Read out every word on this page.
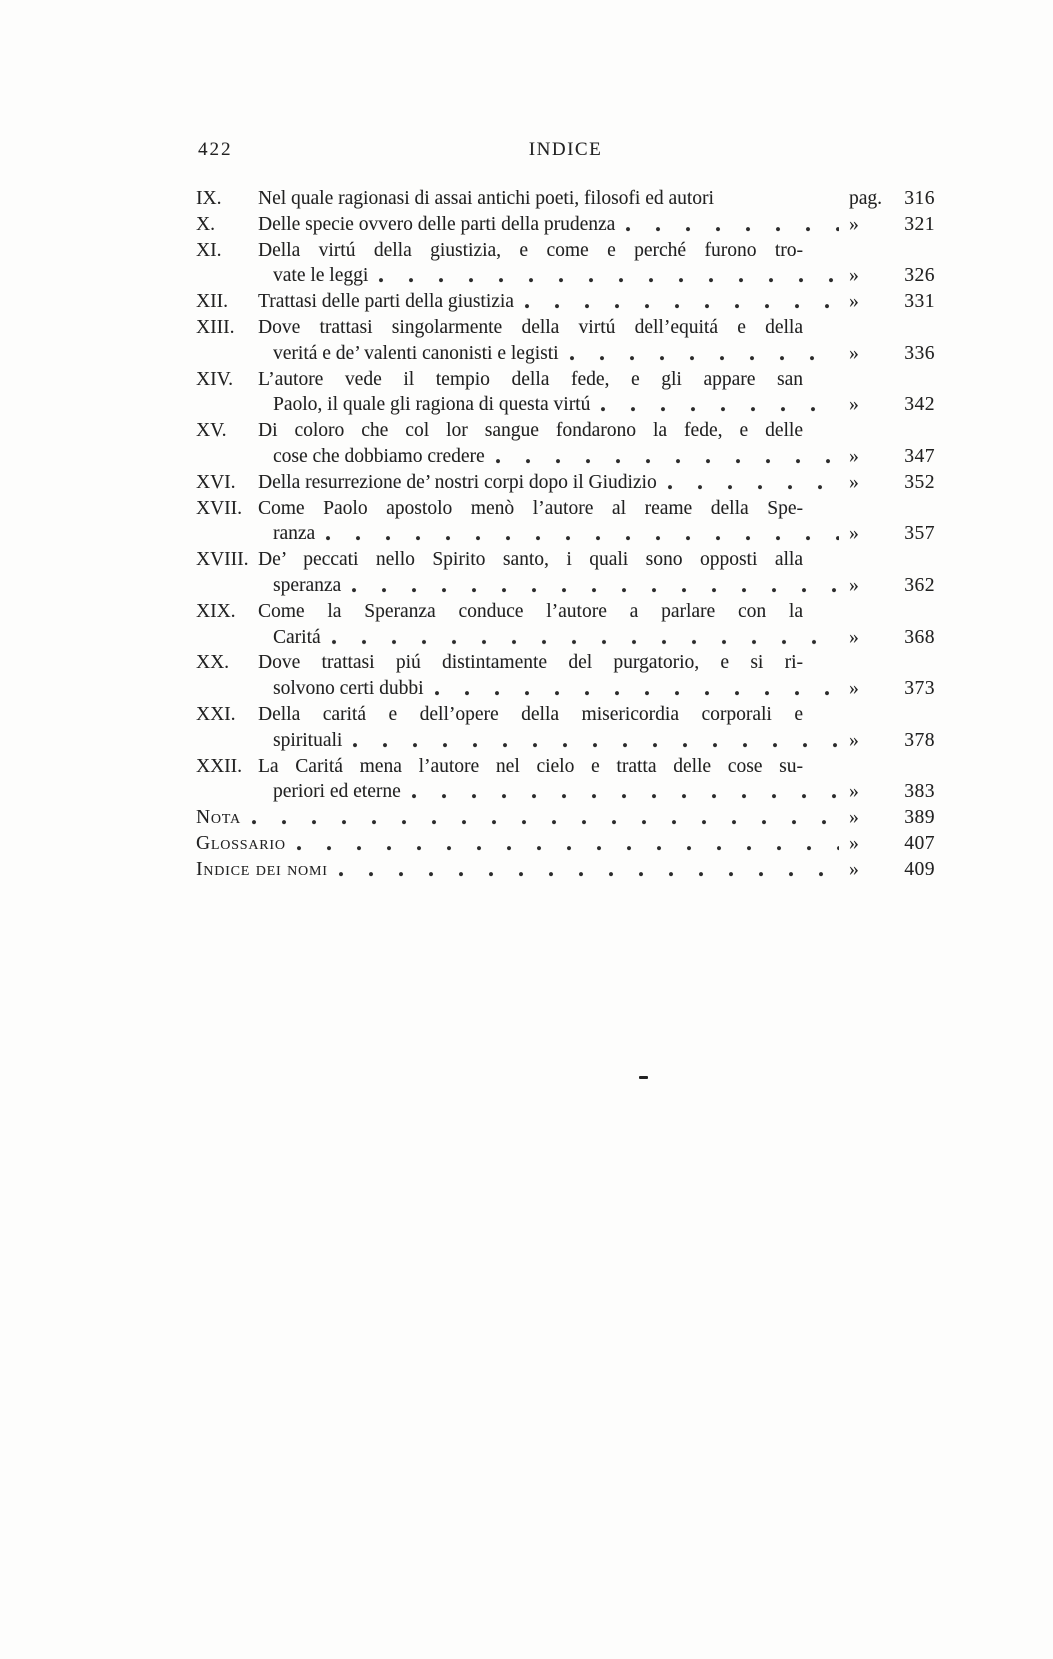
422	INDICE
IX.	Nel quale ragionasi di assai antichi poeti, filosofi ed autori	pag.	316
X.	Delle specie ovvero delle parti della prudenza	»	321
XI.	Della virtú della giustizia, e come e perché furono tro-
vate le leggi	»	326
XII.	Trattasi delle parti della giustizia	»	331
XIII.	Dove trattasi singolarmente della virtú dell’equitá e della
veritá e de’ valenti canonisti e legisti	»	336
XIV.	L’autore vede il tempio della fede, e gli appare san
Paolo, il quale gli ragiona di questa virtú	»	342
XV.	Di coloro che col lor sangue fondarono la fede, e delle
cose che dobbiamo credere	»	347
XVI.	Della resurrezione de’ nostri corpi dopo il Giudizio	»	352
XVII. Come Paolo apostolo menò l’autore al reame della Spe-
ranza	»	357
XVIII. De’ peccati nello Spirito santo, i quali sono opposti alla
speranza	»	362
XIX.	Come la Speranza conduce l’autore a parlare con la
Caritá	»	368
XX.	Dove trattasi piú distintamente del purgatorio, e si ri-
solvono certi dubbi	»	373
XXI.	Della caritá e dell’opere della misericordia corporali e
spirituali	»	378
XXII. La Caritá mena l’autore nel cielo e tratta delle cose su-
periori ed eterne	»	383
Nota	»	389
Glossario	»	407
Indice dei nomi	»	409
